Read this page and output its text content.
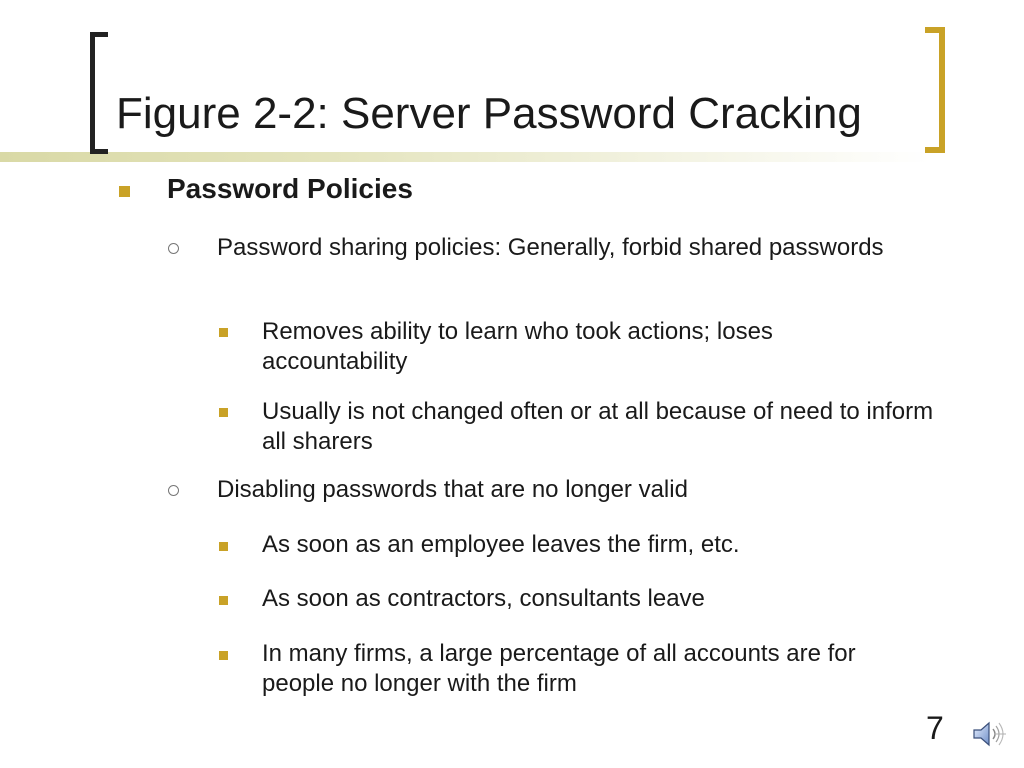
Figure 2-2: Server Password Cracking
Password Policies
Password sharing policies: Generally, forbid shared passwords
Removes ability to learn who took actions; loses accountability
Usually is not changed often or at all because of need to inform all sharers
Disabling passwords that are no longer valid
As soon as an employee leaves the firm, etc.
As soon as contractors, consultants leave
In many firms, a large percentage of all accounts are for people no longer with the firm
7
